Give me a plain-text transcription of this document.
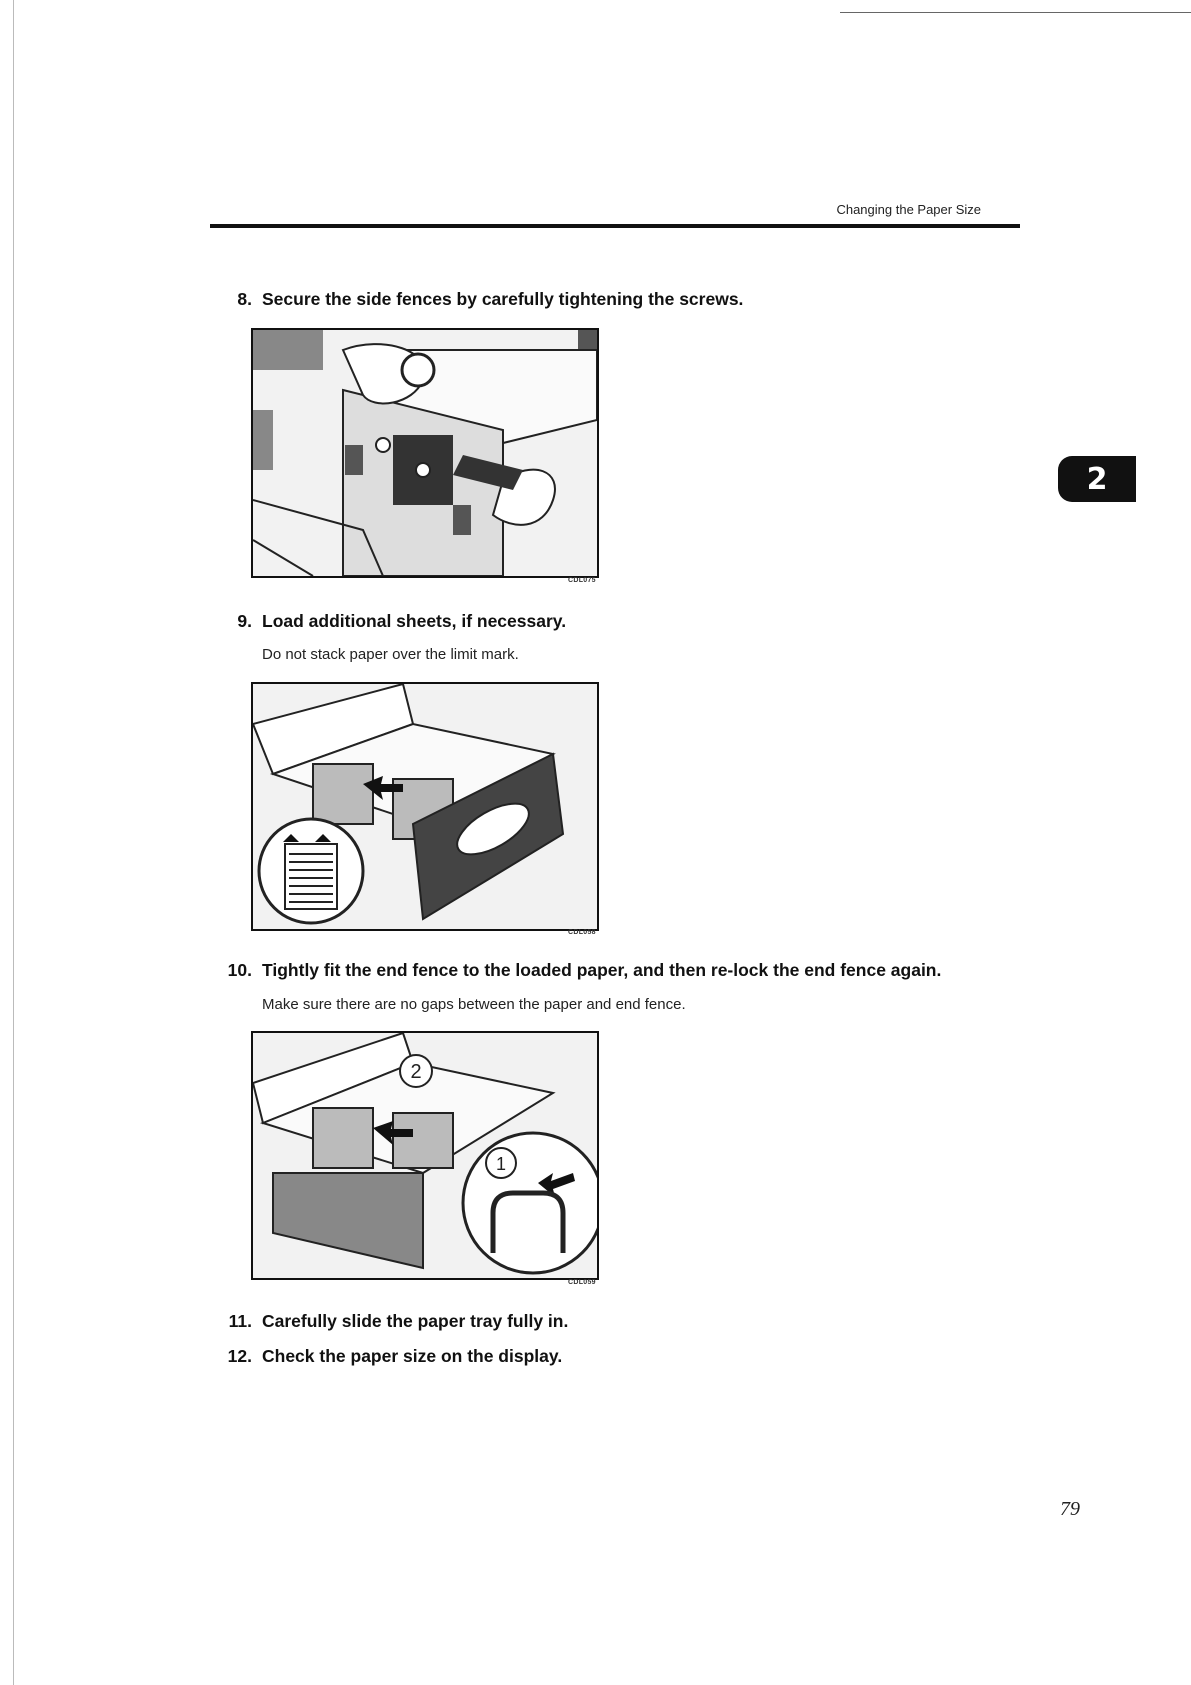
Changing the Paper Size
2
8. Secure the side fences by carefully tightening the screws.
CDL075
9. Load additional sheets, if necessary.
Do not stack paper over the limit mark.
CDL058
10. Tightly fit the end fence to the loaded paper, and then re-lock the end fence again.
Make sure there are no gaps between the paper and end fence.
2
1
CDL059
11. Carefully slide the paper tray fully in.
12. Check the paper size on the display.
79
